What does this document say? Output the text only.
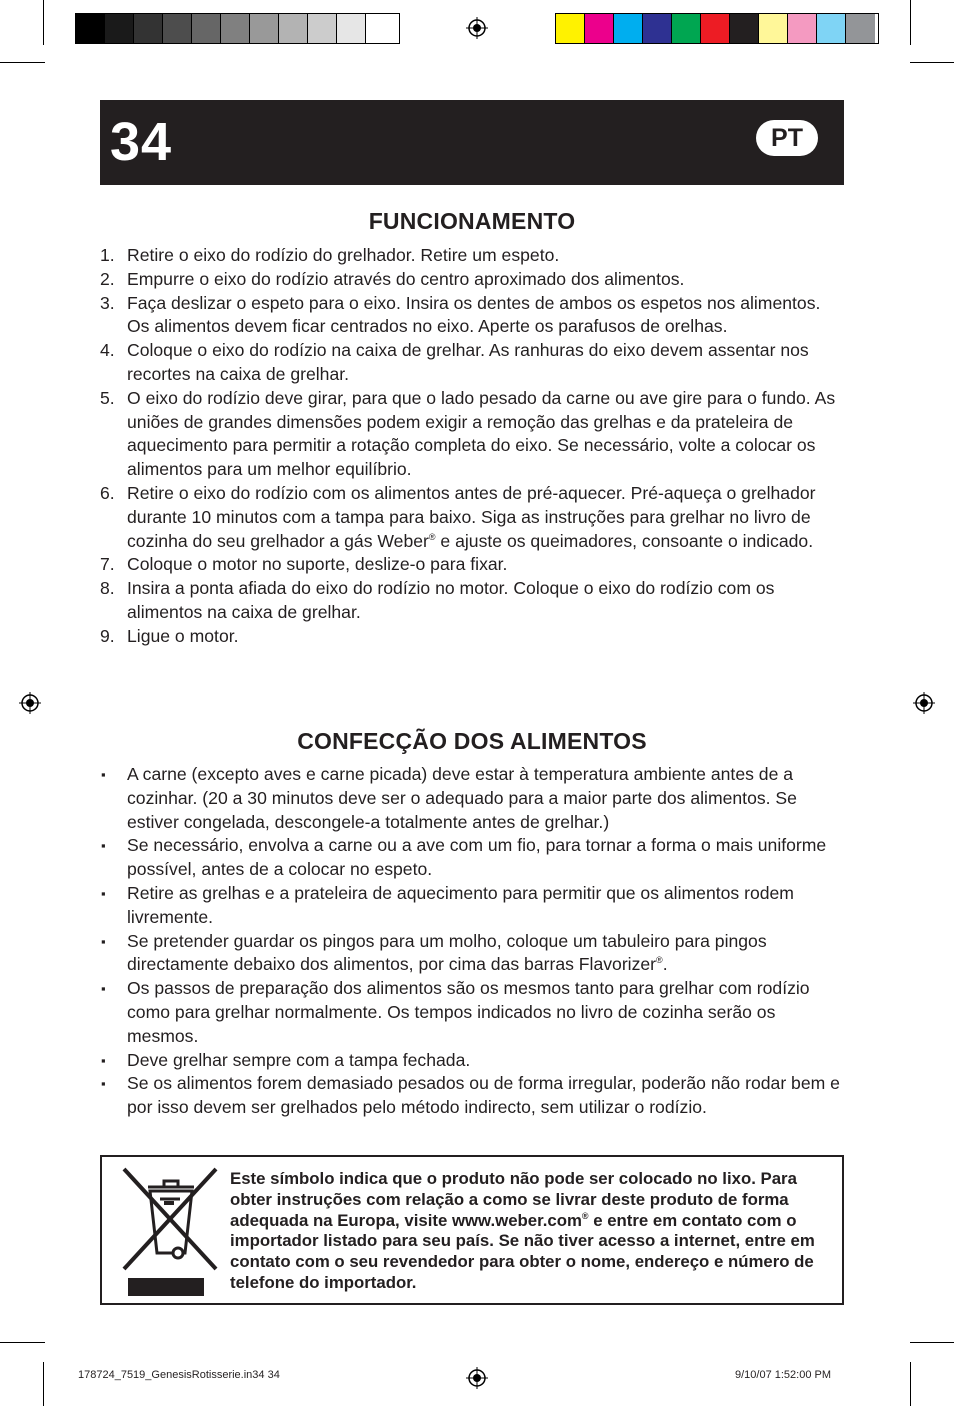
34	PT
FUNCIONAMENTO
1. Retire o eixo do rodízio do grelhador. Retire um espeto.
2. Empurre o eixo do rodízio através do centro aproximado dos alimentos.
3. Faça deslizar o espeto para o eixo. Insira os dentes de ambos os espetos nos alimentos. Os alimentos devem ficar centrados no eixo. Aperte os parafusos de orelhas.
4. Coloque o eixo do rodízio na caixa de grelhar. As ranhuras do eixo devem assentar nos recortes na caixa de grelhar.
5. O eixo do rodízio deve girar, para que o lado pesado da carne ou ave gire para o fundo. As uniões de grandes dimensões podem exigir a remoção das grelhas e da prateleira de aquecimento para permitir a rotação completa do eixo. Se necessário, volte a colocar os alimentos para um melhor equilíbrio.
6. Retire o eixo do rodízio com os alimentos antes de pré-aquecer. Pré-aqueça o grelhador durante 10 minutos com a tampa para baixo. Siga as instruções para grelhar no livro de cozinha do seu grelhador a gás Weber® e ajuste os queimadores, consoante o indicado.
7. Coloque o motor no suporte, deslize-o para fixar.
8. Insira a ponta afiada do eixo do rodízio no motor. Coloque o eixo do rodízio com os alimentos na caixa de grelhar.
9. Ligue o motor.
CONFECÇÃO DOS ALIMENTOS
▪ A carne (excepto aves e carne picada) deve estar à temperatura ambiente antes de a cozinhar. (20 a 30 minutos deve ser o adequado para a maior parte dos alimentos. Se estiver congelada, descongele-a totalmente antes de grelhar.)
▪ Se necessário, envolva a carne ou a ave com um fio, para tornar a forma o mais uniforme possível, antes de a colocar no espeto.
▪ Retire as grelhas e a prateleira de aquecimento para permitir que os alimentos rodem livremente.
▪ Se pretender guardar os pingos para um molho, coloque um tabuleiro para pingos directamente debaixo dos alimentos, por cima das barras Flavorizer®.
▪ Os passos de preparação dos alimentos são os mesmos tanto para grelhar com rodízio como para grelhar normalmente. Os tempos indicados no livro de cozinha serão os mesmos.
▪ Deve grelhar sempre com a tampa fechada.
▪ Se os alimentos forem demasiado pesados ou de forma irregular, poderão não rodar bem e por isso devem ser grelhados pelo método indirecto, sem utilizar o rodízio.
Este símbolo indica que o produto não pode ser colocado no lixo. Para obter instruções com relação a como se livrar deste produto de forma adequada na Europa, visite www.weber.com® e entre em contato com o importador listado para seu país. Se não tiver acesso a internet, entre em contato com o seu revendedor para obter o nome, endereço e número de telefone do importador.
178724_7519_GenesisRotisserie.in34 34	9/10/07 1:52:00 PM
